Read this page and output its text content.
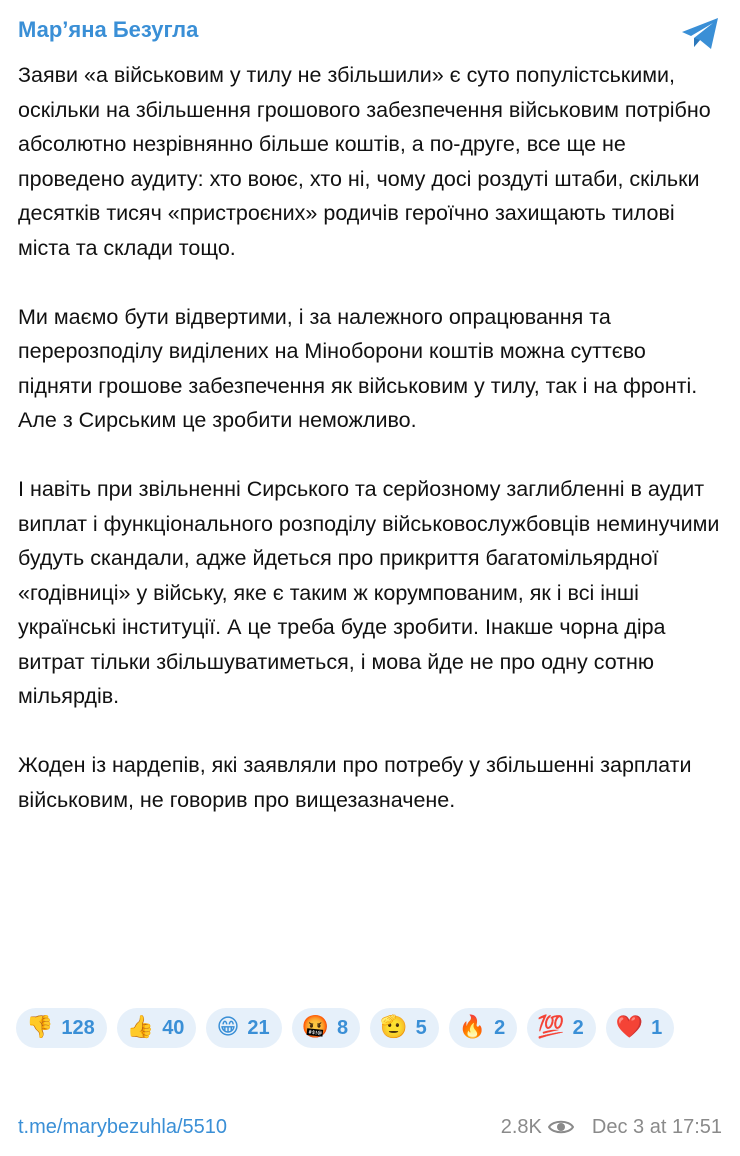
Мар’яна Безугла

Заяви «а військовим у тилу не збільшили» є суто популістськими, оскільки на збільшення грошового забезпечення військовим потрібно абсолютно незрівнянно більше коштів, а по-друге, все ще не проведено аудиту: хто воює, хто ні, чому досі роздуті штаби, скільки десятків тисяч «пристроєних» родичів героїчно захищають тилові міста та склади тощо.

Ми маємо бути відвертими, і за належного опрацювання та перерозподілу виділених на Міноборони коштів можна суттєво підняти грошове забезпечення як військовим у тилу, так і на фронті. Але з Сирським це зробити неможливо.

І навіть при звільненні Сирського та серйозному заглибленні в аудит виплат і функціонального розподілу військовослужбовців неминучими будуть скандали, адже йдеться про прикриття багатомільярдної «годівниці» у війську, яке є таким ж корумпованим, як і всі інші українські інституції. А це треба буде зробити. Інакше чорна діра витрат тільки збільшуватиметься, і мова йде не про одну сотню мільярдів.

Жоден із нардепів, які заявляли про потребу у збільшенні зарплати військовим, не говорив про вищезазначене.

👎 128 👍 40 😁 21 🤬 8 🫡 5 🔥 2 💯 2 ❤️ 1
t.me/marybezuhla/5510	2.8K	Dec 3 at 17:51
